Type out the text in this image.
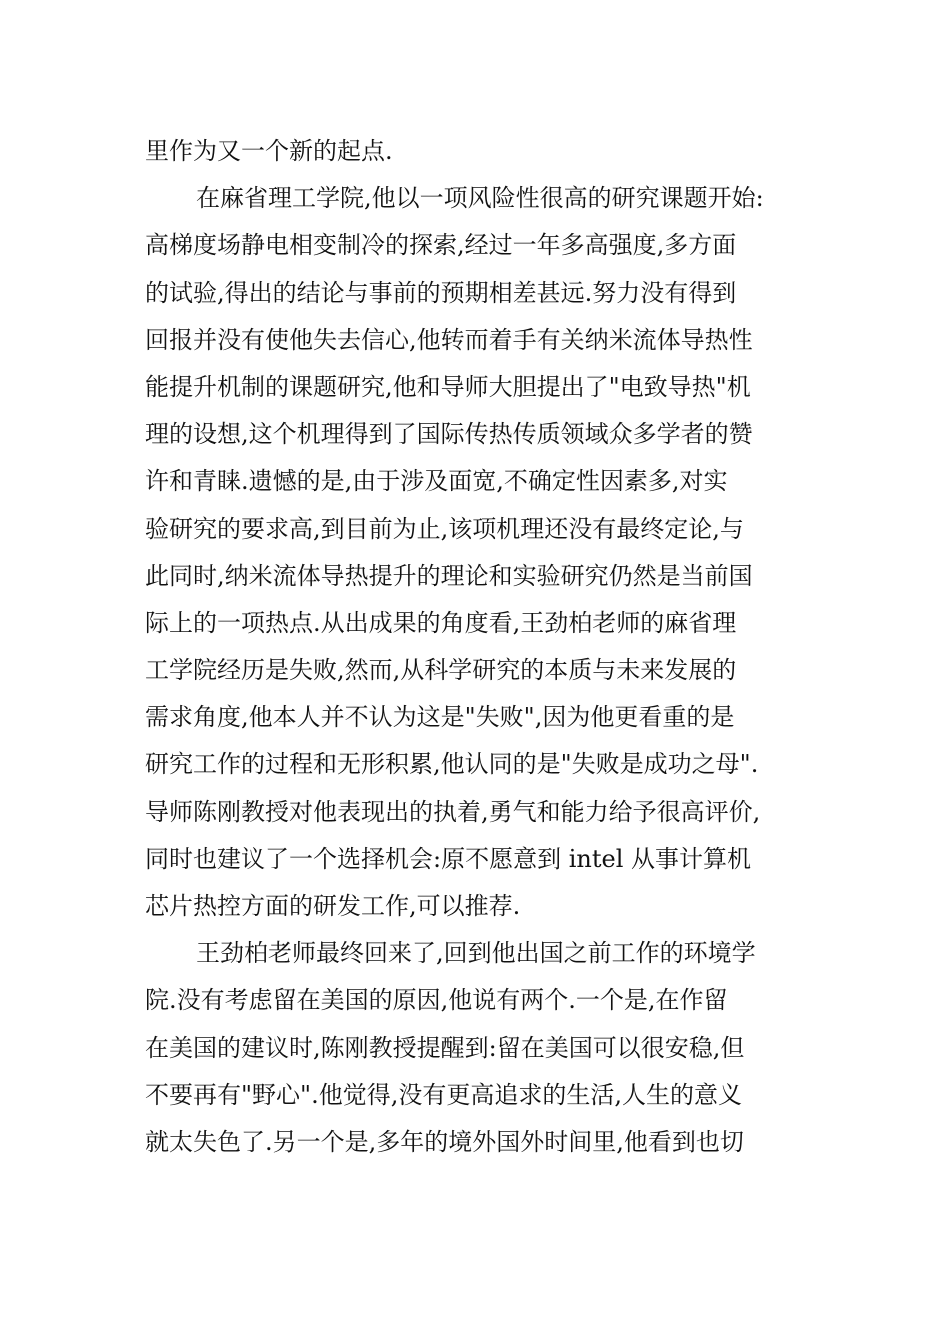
里作为又一个新的起点.
在麻省理工学院,他以一项风险性很高的研究课题开始:
高梯度场静电相变制冷的探索,经过一年多高强度,多方面
的试验,得出的结论与事前的预期相差甚远.努力没有得到
回报并没有使他失去信心,他转而着手有关纳米流体导热性
能提升机制的课题研究,他和导师大胆提出了"电致导热"机
理的设想,这个机理得到了国际传热传质领域众多学者的赞
许和青睐.遗憾的是,由于涉及面宽,不确定性因素多,对实
验研究的要求高,到目前为止,该项机理还没有最终定论,与
此同时,纳米流体导热提升的理论和实验研究仍然是当前国
际上的一项热点.从出成果的角度看,王劲柏老师的麻省理
工学院经历是失败,然而,从科学研究的本质与未来发展的
需求角度,他本人并不认为这是"失败",因为他更看重的是
研究工作的过程和无形积累,他认同的是"失败是成功之母".
导师陈刚教授对他表现出的执着,勇气和能力给予很高评价,
同时也建议了一个选择机会:原不愿意到 intel 从事计算机
芯片热控方面的研发工作,可以推荐.
王劲柏老师最终回来了,回到他出国之前工作的环境学
院.没有考虑留在美国的原因,他说有两个.一个是,在作留
在美国的建议时,陈刚教授提醒到:留在美国可以很安稳,但
不要再有"野心".他觉得,没有更高追求的生活,人生的意义
就太失色了.另一个是,多年的境外国外时间里,他看到也切
